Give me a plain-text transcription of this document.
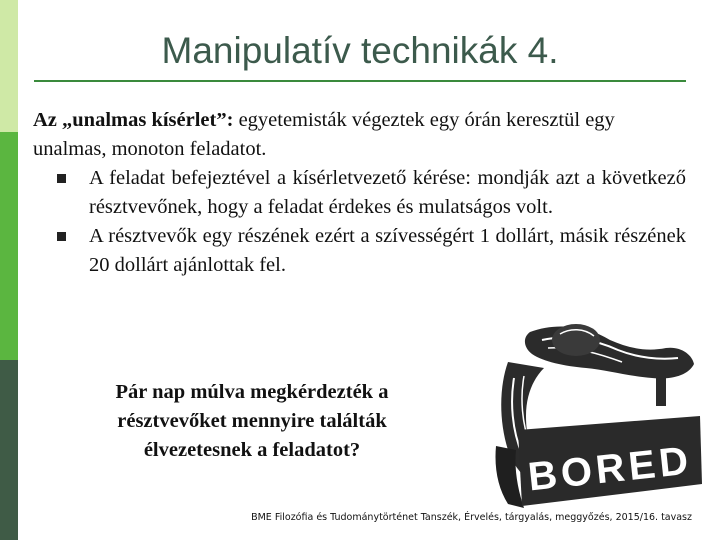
Manipulatív technikák 4.
Az „unalmas kísérlet”: egyetemisták végeztek egy órán keresztül egy unalmas, monoton feladatot.
A feladat befejeztével a kísérletvezető kérése: mondják azt a következő résztvevőnek, hogy a feladat érdekes és mulatságos volt.
A résztvevők egy részének ezért a szívességért 1 dollárt, másik részének 20 dollárt ajánlottak fel.
Pár nap múlva megkérdezték a résztvevőket mennyire találták élvezetesnek a feladatot?	BORED
BME Filozófia és Tudománytörténet Tanszék, Érvelés, tárgyalás, meggyőzés, 2015/16. tavasz
